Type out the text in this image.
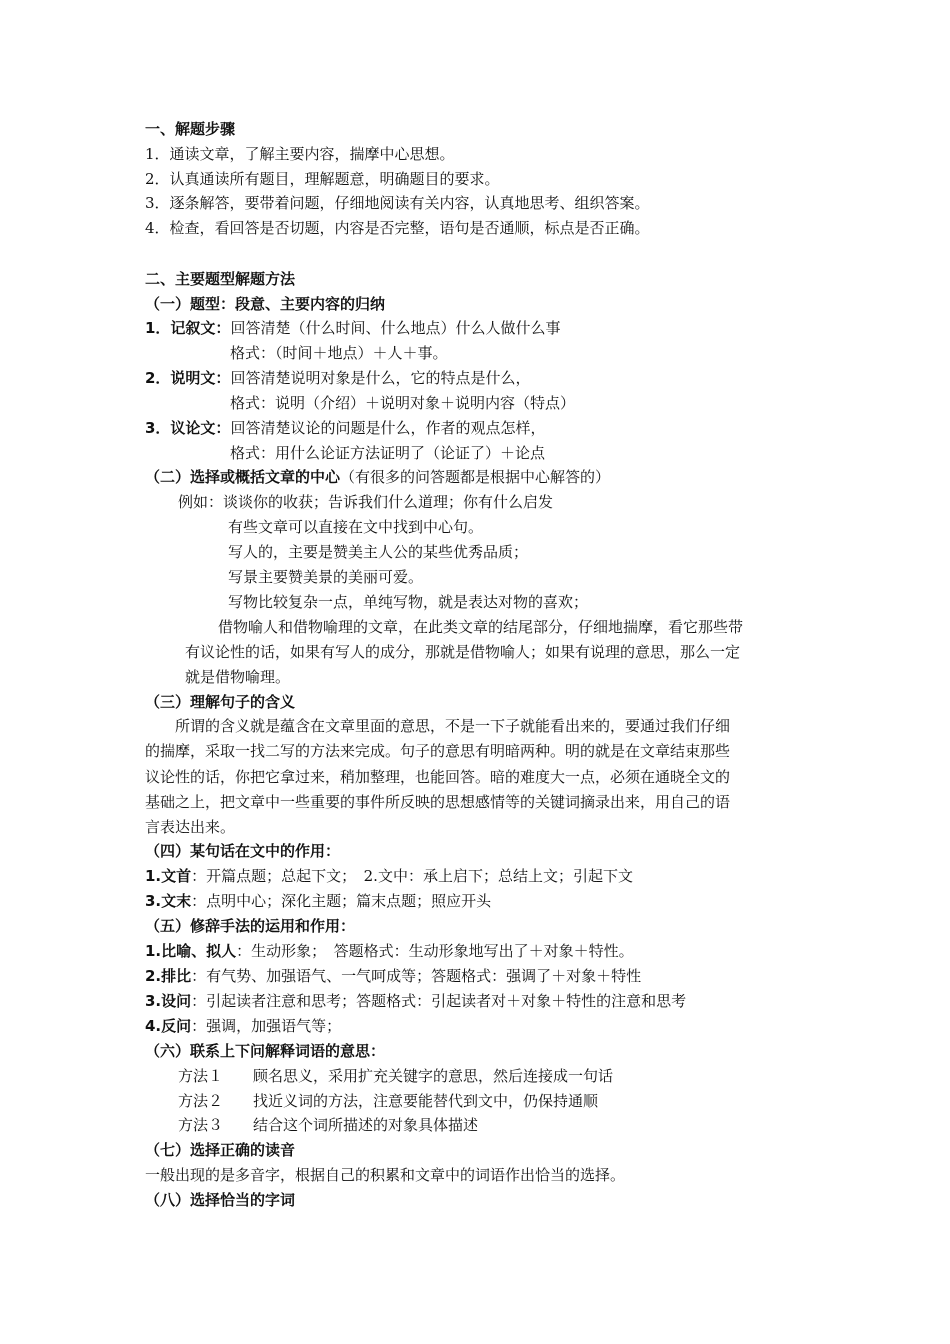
一、解题步骤
1．通读文章，了解主要内容，揣摩中心思想。
2．认真通读所有题目，理解题意，明确题目的要求。
3．逐条解答，要带着问题，仔细地阅读有关内容，认真地思考、组织答案。
4．检查，看回答是否切题，内容是否完整，语句是否通顺，标点是否正确。
二、主要题型解题方法
（一）题型：段意、主要内容的归纳
1．记叙文：回答清楚（什么时间、什么地点）什么人做什么事
格式：（时间＋地点）＋人＋事。
2．说明文：回答清楚说明对象是什么，它的特点是什么，
格式：说明（介绍）＋说明对象＋说明内容（特点）
3．议论文：回答清楚议论的问题是什么，作者的观点怎样，
格式：用什么论证方法证明了（论证了）＋论点
（二）选择或概括文章的中心（有很多的问答题都是根据中心解答的）
例如：谈谈你的收获；告诉我们什么道理；你有什么启发
有些文章可以直接在文中找到中心句。
写人的，主要是赞美主人公的某些优秀品质；
写景主要赞美景的美丽可爱。
写物比较复杂一点，单纯写物，就是表达对物的喜欢；
借物喻人和借物喻理的文章，在此类文章的结尾部分，仔细地揣摩，看它那些带
有议论性的话，如果有写人的成分，那就是借物喻人；如果有说理的意思，那么一定
就是借物喻理。
（三）理解句子的含义
　　所谓的含义就是蕴含在文章里面的意思，不是一下子就能看出来的，要通过我们仔细
的揣摩，采取一找二写的方法来完成。句子的意思有明暗两种。明的就是在文章结束那些
议论性的话，你把它拿过来，稍加整理，也能回答。暗的难度大一点，必须在通晓全文的
基础之上，把文章中一些重要的事件所反映的思想感情等的关键词摘录出来，用自己的语
言表达出来。
（四）某句话在文中的作用：
1.文首：开篇点题；总起下文；　2.文中：承上启下；总结上文；引起下文
3.文末：点明中心；深化主题；篇末点题；照应开头
（五）修辞手法的运用和作用：
1.比喻、拟人：生动形象；　答题格式：生动形象地写出了＋对象＋特性。
2.排比：有气势、加强语气、一气呵成等；答题格式：强调了＋对象＋特性
3.设问：引起读者注意和思考；答题格式：引起读者对＋对象＋特性的注意和思考
4.反问：强调，加强语气等；
（六）联系上下问解释词语的意思：
方法１ 顾名思义，采用扩充关键字的意思，然后连接成一句话
方法２ 找近义词的方法，注意要能替代到文中，仍保持通顺
方法３ 结合这个词所描述的对象具体描述
（七）选择正确的读音
一般出现的是多音字，根据自己的积累和文章中的词语作出恰当的选择。
（八）选择恰当的字词
